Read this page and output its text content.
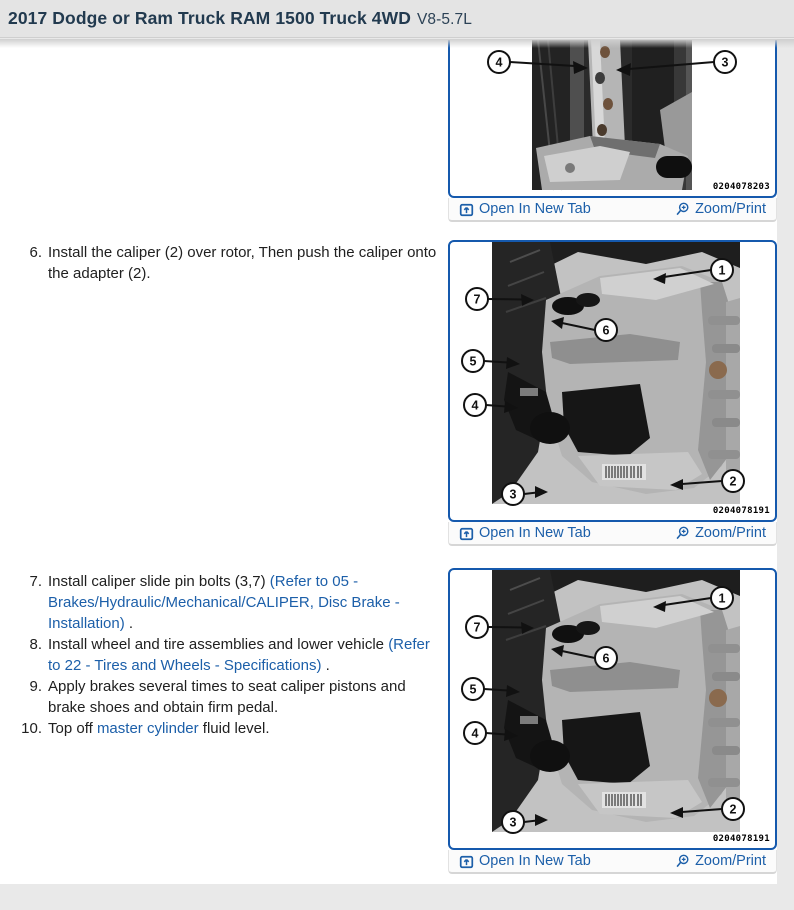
2017 Dodge or Ram Truck RAM 1500 Truck 4WD V8-5.7L
6. Install the caliper (2) over rotor, Then push the caliper onto the adapter (2).
7. Install caliper slide pin bolts (3,7) (Refer to 05 - Brakes/Hydraulic/Mechanical/CALIPER, Disc Brake - Installation) .
8. Install wheel and tire assemblies and lower vehicle (Refer to 22 - Tires and Wheels - Specifications) .
9. Apply brakes several times to seat caliper pistons and brake shoes and obtain firm pedal.
10. Top off master cylinder fluid level.
4	3
0204078203
Open In New Tab	Zoom/Print
1
7
6
5
4
3
2
0204078191
Open In New Tab	Zoom/Print
1
7
6
5
4
3
2
0204078191
Open In New Tab	Zoom/Print
